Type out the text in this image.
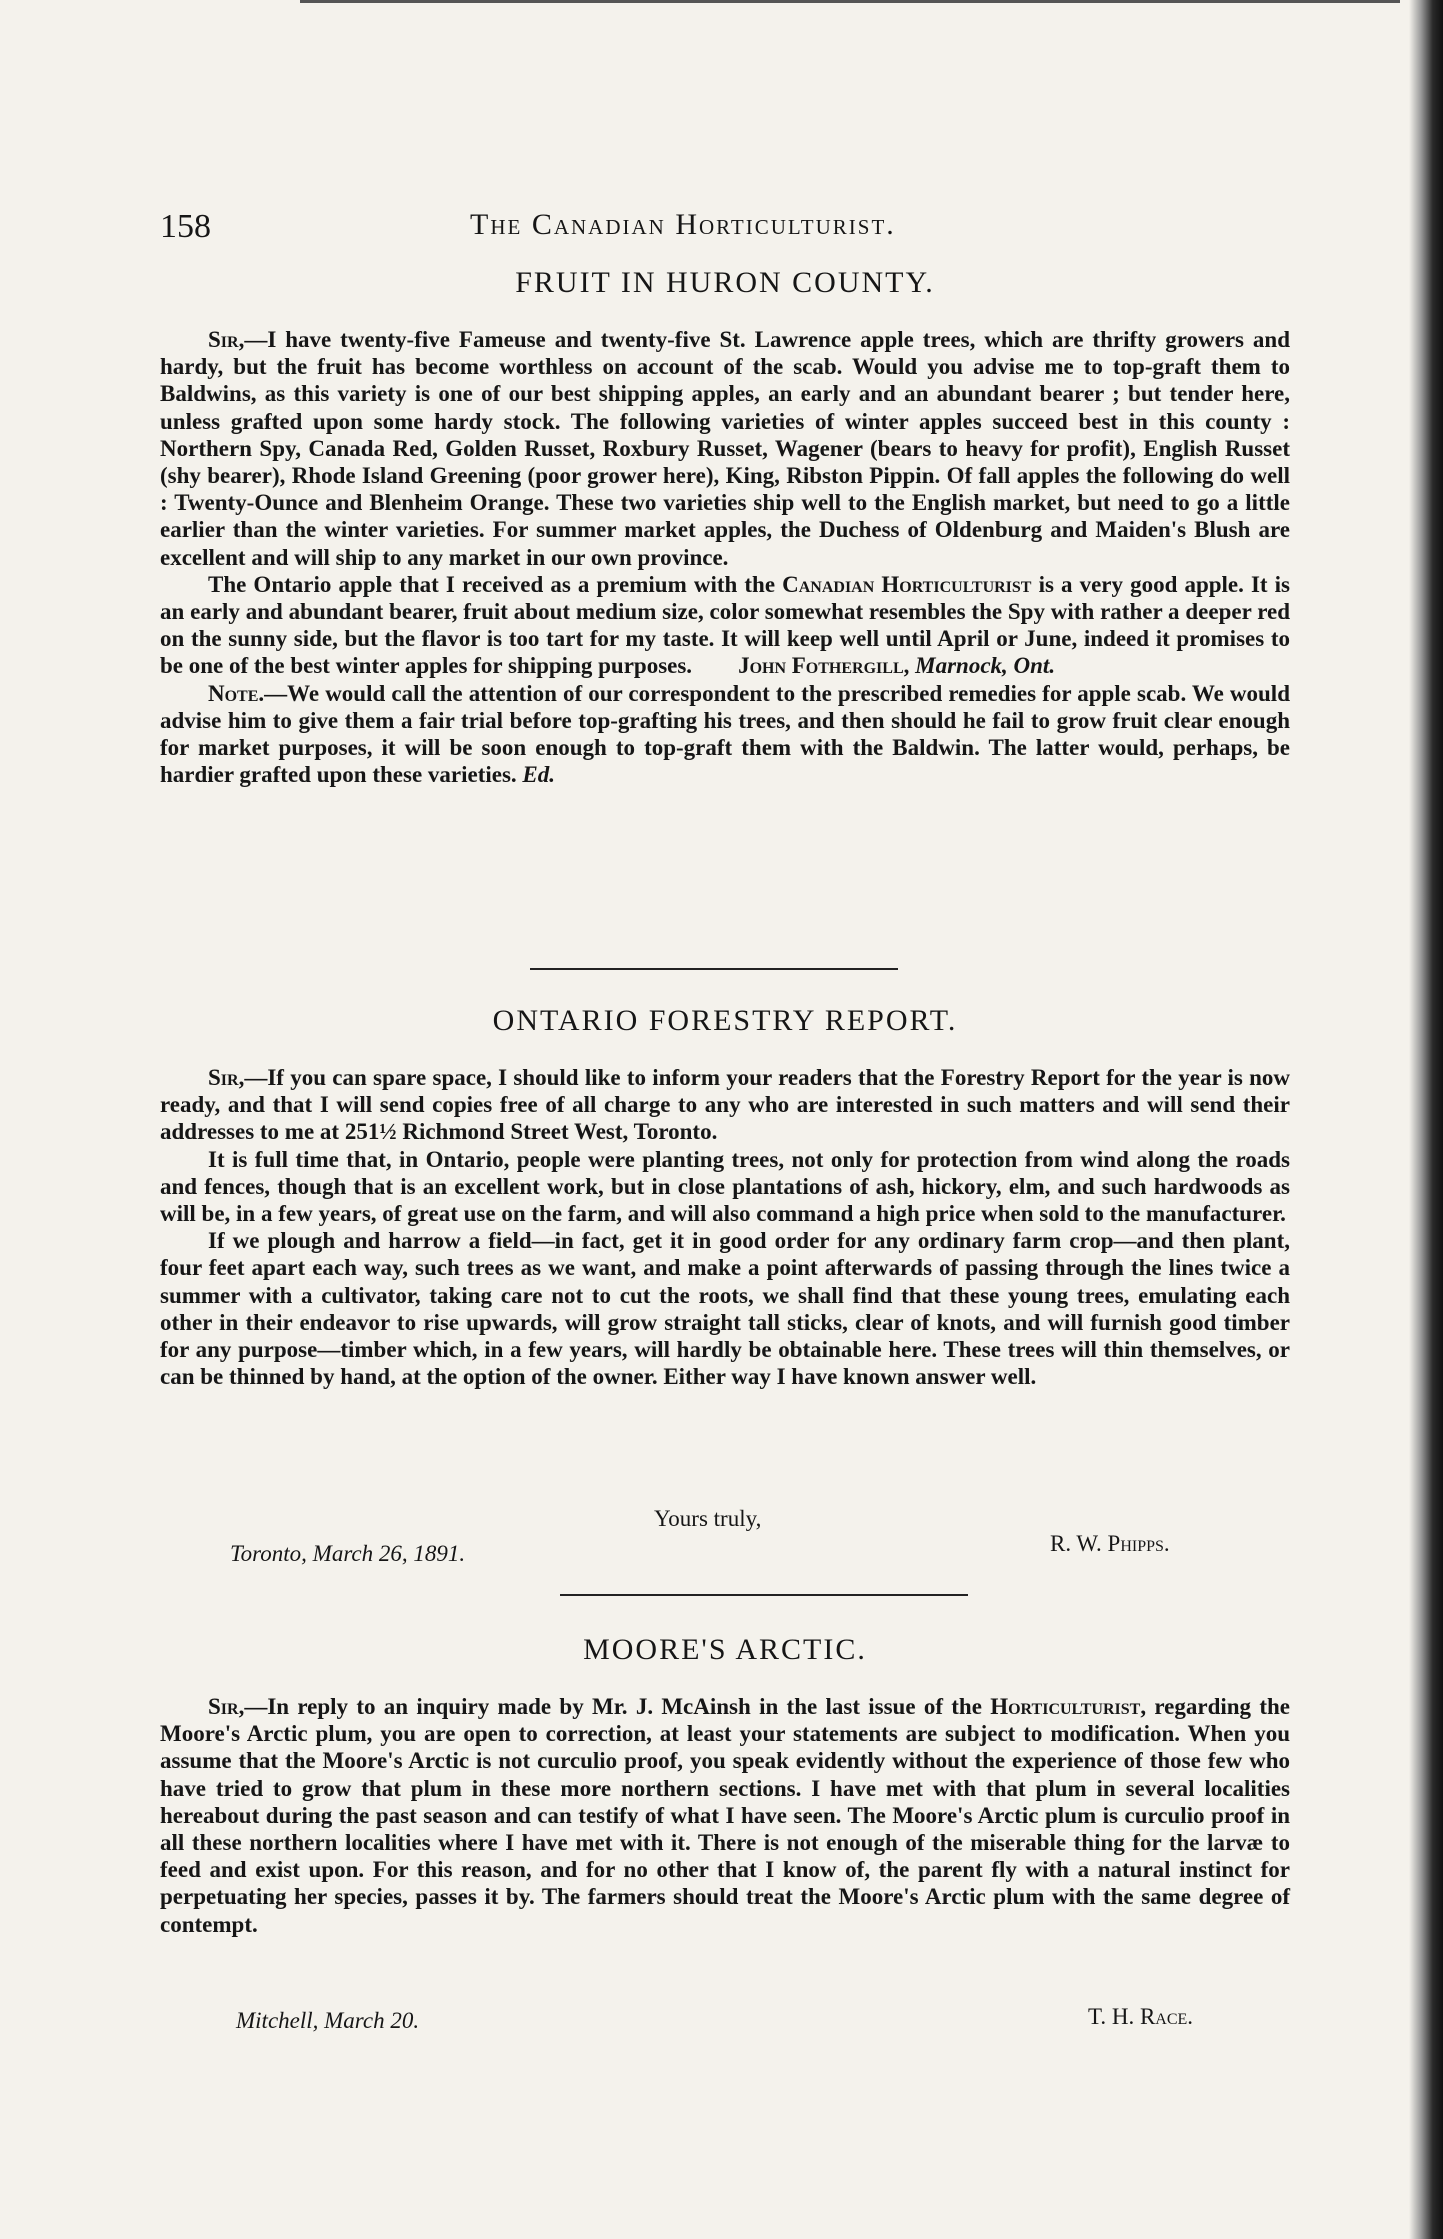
158	The Canadian Horticulturist.
FRUIT IN HURON COUNTY.

Sir,—I have twenty-five Fameuse and twenty-five St. Lawrence apple trees, which are thrifty growers and hardy, but the fruit has become worthless on account of the scab. Would you advise me to top-graft them to Baldwins, as this variety is one of our best shipping apples, an early and an abundant bearer ; but tender here, unless grafted upon some hardy stock. The following varieties of winter apples succeed best in this county : Northern Spy, Canada Red, Golden Russet, Roxbury Russet, Wagener (bears to heavy for profit), English Russet (shy bearer), Rhode Island Greening (poor grower here), King, Ribston Pippin. Of fall apples the following do well : Twenty-Ounce and Blenheim Orange. These two varieties ship well to the English market, but need to go a little earlier than the winter varieties. For summer market apples, the Duchess of Oldenburg and Maiden's Blush are excellent and will ship to any market in our own province.

The Ontario apple that I received as a premium with the Canadian Horticulturist is a very good apple. It is an early and abundant bearer, fruit about medium size, color somewhat resembles the Spy with rather a deeper red on the sunny side, but the flavor is too tart for my taste. It will keep well until April or June, indeed it promises to be one of the best winter apples for shipping purposes. John Fothergill, Marnock, Ont.

Note.—We would call the attention of our correspondent to the prescribed remedies for apple scab. We would advise him to give them a fair trial before top-grafting his trees, and then should he fail to grow fruit clear enough for market purposes, it will be soon enough to top-graft them with the Baldwin. The latter would, perhaps, be hardier grafted upon these varieties. Ed.

ONTARIO FORESTRY REPORT.

Sir,—If you can spare space, I should like to inform your readers that the Forestry Report for the year is now ready, and that I will send copies free of all charge to any who are interested in such matters and will send their addresses to me at 251½ Richmond Street West, Toronto.

It is full time that, in Ontario, people were planting trees, not only for protection from wind along the roads and fences, though that is an excellent work, but in close plantations of ash, hickory, elm, and such hardwoods as will be, in a few years, of great use on the farm, and will also command a high price when sold to the manufacturer.

If we plough and harrow a field—in fact, get it in good order for any ordinary farm crop—and then plant, four feet apart each way, such trees as we want, and make a point afterwards of passing through the lines twice a summer with a cultivator, taking care not to cut the roots, we shall find that these young trees, emulating each other in their endeavor to rise upwards, will grow straight tall sticks, clear of knots, and will furnish good timber for any purpose—timber which, in a few years, will hardly be obtainable here. These trees will thin themselves, or can be thinned by hand, at the option of the owner. Either way I have known answer well.

Yours truly,
Toronto, March 26, 1891.	R. W. Phipps.
MOORE'S ARCTIC.

Sir,—In reply to an inquiry made by Mr. J. McAinsh in the last issue of the Horticulturist, regarding the Moore's Arctic plum, you are open to correction, at least your statements are subject to modification. When you assume that the Moore's Arctic is not curculio proof, you speak evidently without the experience of those few who have tried to grow that plum in these more northern sections. I have met with that plum in several localities hereabout during the past season and can testify of what I have seen. The Moore's Arctic plum is curculio proof in all these northern localities where I have met with it. There is not enough of the miserable thing for the larvæ to feed and exist upon. For this reason, and for no other that I know of, the parent fly with a natural instinct for perpetuating her species, passes it by. The farmers should treat the Moore's Arctic plum with the same degree of contempt.

Mitchell, March 20.	T. H. Race.
